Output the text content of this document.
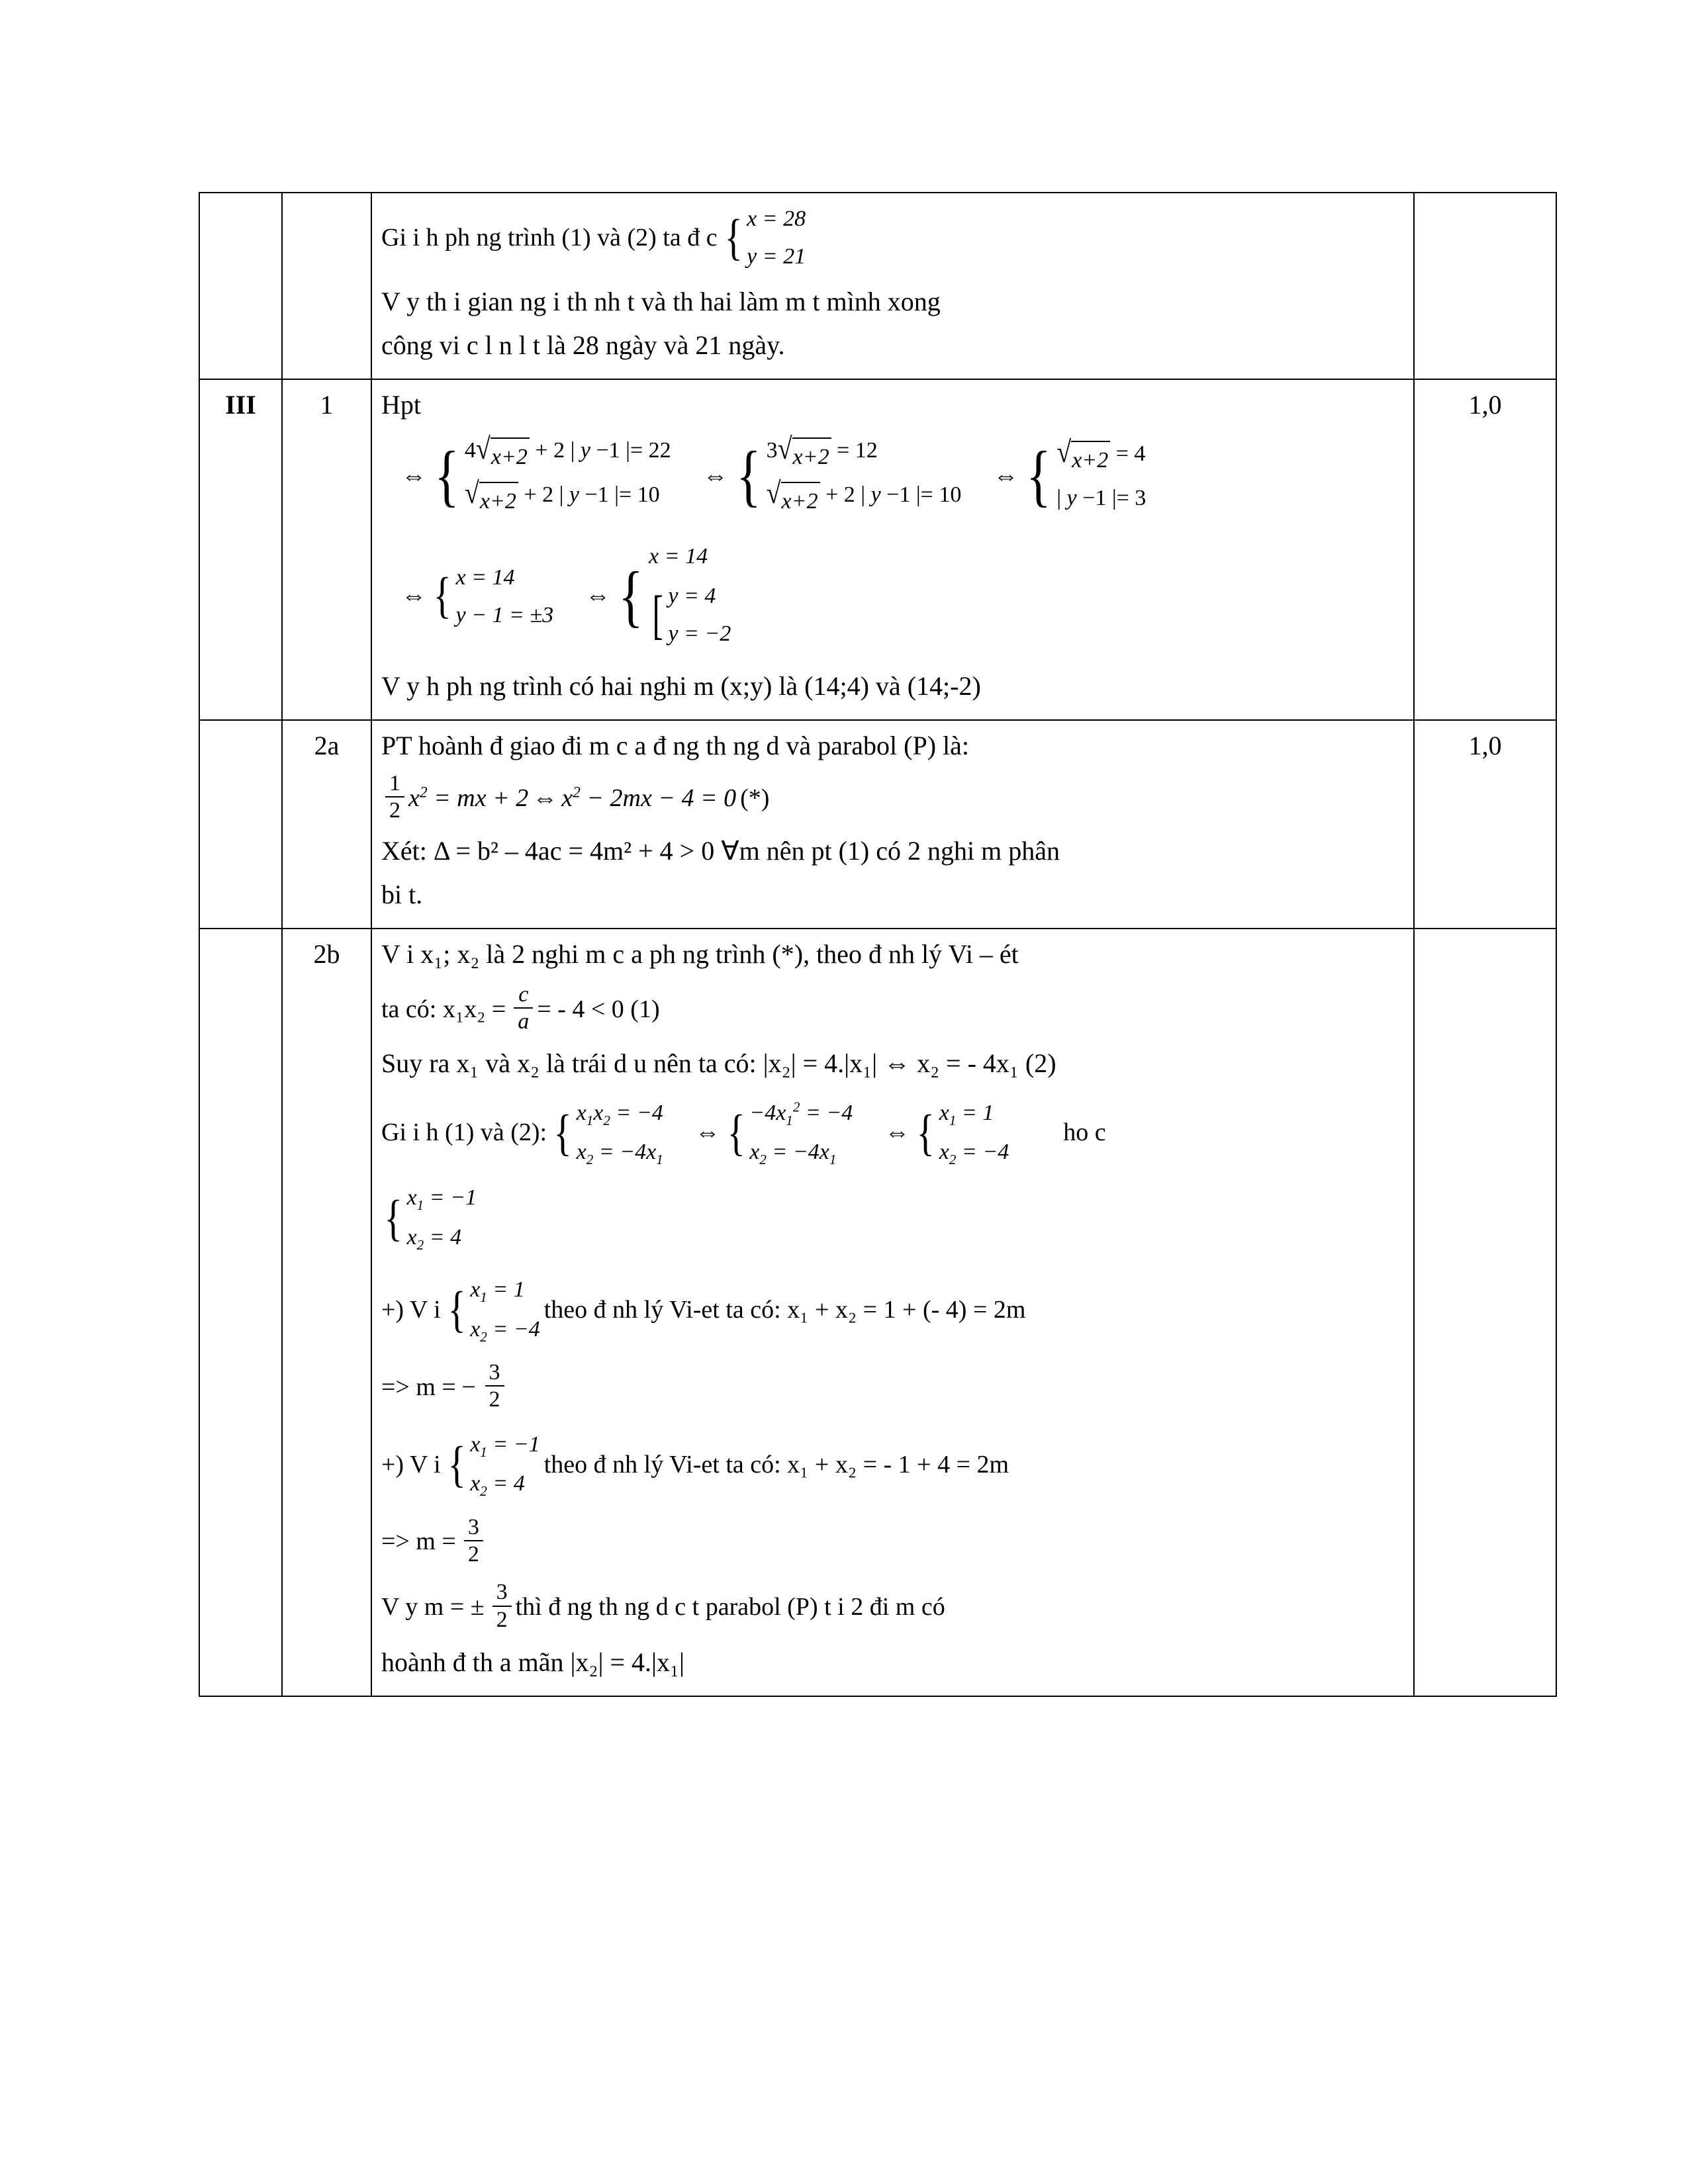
Gi i h ph ng trình (1) và (2) ta đ c { x = 28
y = 21

V y th i gian ng i th nh t và th hai làm m t mình xong

công vi c l n l t là 28 ngày và 21 ngày.

III	1	Hpt

⇔ { 4 √ x+2 + 2 | y −1 |= 22
√ x+2 + 2 | y −1 |= 10
⇔ { 3 √ x+2 = 12
√ x+2 + 2 | y −1 |= 10
⇔ { √ x+2 = 4
| y −1 |= 3
⇔ { x = 14
y − 1 = ±3
⇔ {
x = 14
[ y = 4
y = −2

V y h ph ng trình có hai nghi m (x;y) là (14;4) và (14;-2)

	1,0
	2a	PT hoành đ giao đi m c a đ ng th ng d và parabol (P) là:

$\frac{1}{2} x^2$ = mx + 2 ⇔ $x^2 - 2mx - 4 = 0$ (*)

Xét: Δ = b² – 4ac = 4m² + 4 > 0 ∀m nên pt (1) có 2 nghi m phân

bi t.

	1,0
	2b	V i x₁; x₂ là 2 nghi m c a ph ng trình (*), theo đ nh lý Vi – ét

ta có: $x_1x_2 = \frac{c}{a}$ = - 4 < 0 (1)

Suy ra x₁ và x₂ là trái d u nên ta có: |x₂| = 4.|x₁| ⇔ x₂ = - 4x₁ (2)

Gi i h (1) và (2): { $x_1x_2 = -4$
$x_2 = -4x_1$
⇔ { $-4x_1^2 = -4$
$x_2 = -4x_1$
⇔ { $x_1 = 1$
$x_2 = -4$
ho c
{ $x_1 = -1$
$x_2 = 4$
+) V i { $x_1 = 1$
$x_2 = -4$
theo đ nh lý Vi-et ta có: x₁ + x₂ = 1 + (- 4) = 2m
=> m = − $\frac{3}{2}$
+) V i { $x_1 = -1$
$x_2 = 4$
theo đ nh lý Vi-et ta có: x₁ + x₂ = - 1 + 4 = 2m
=> $m = \frac{3}{2}$
V y m = ± $\frac{3}{2}$ thì đ ng th ng d c t parabol (P) t i 2 đi m có

hoành đ th a mãn |x₂| = 4.|x₁|
